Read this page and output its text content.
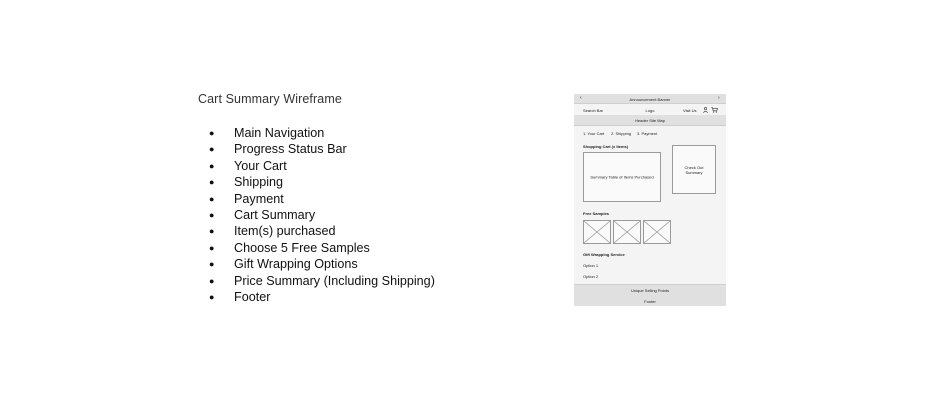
Cart Summary Wireframe
● Main Navigation
● Progress Status Bar
● Your Cart
● Shipping
● Payment
● Cart Summary
● Item(s) purchased
● Choose 5 Free Samples
● Gift Wrapping Options
● Price Summary (Including Shipping)
● Footer
‹	Announcement Banner	›
Search Bar	Logo	Visit Us
Header Site Map
1. Your Cart 2. Shipping 3. Payment
Shopping Cart (x Items)
Summary Table of Items Purchased
Check Out Summary
Free Samples
Gift Wrapping Service
Option 1
Option 2
Unique Selling Points
Footer
